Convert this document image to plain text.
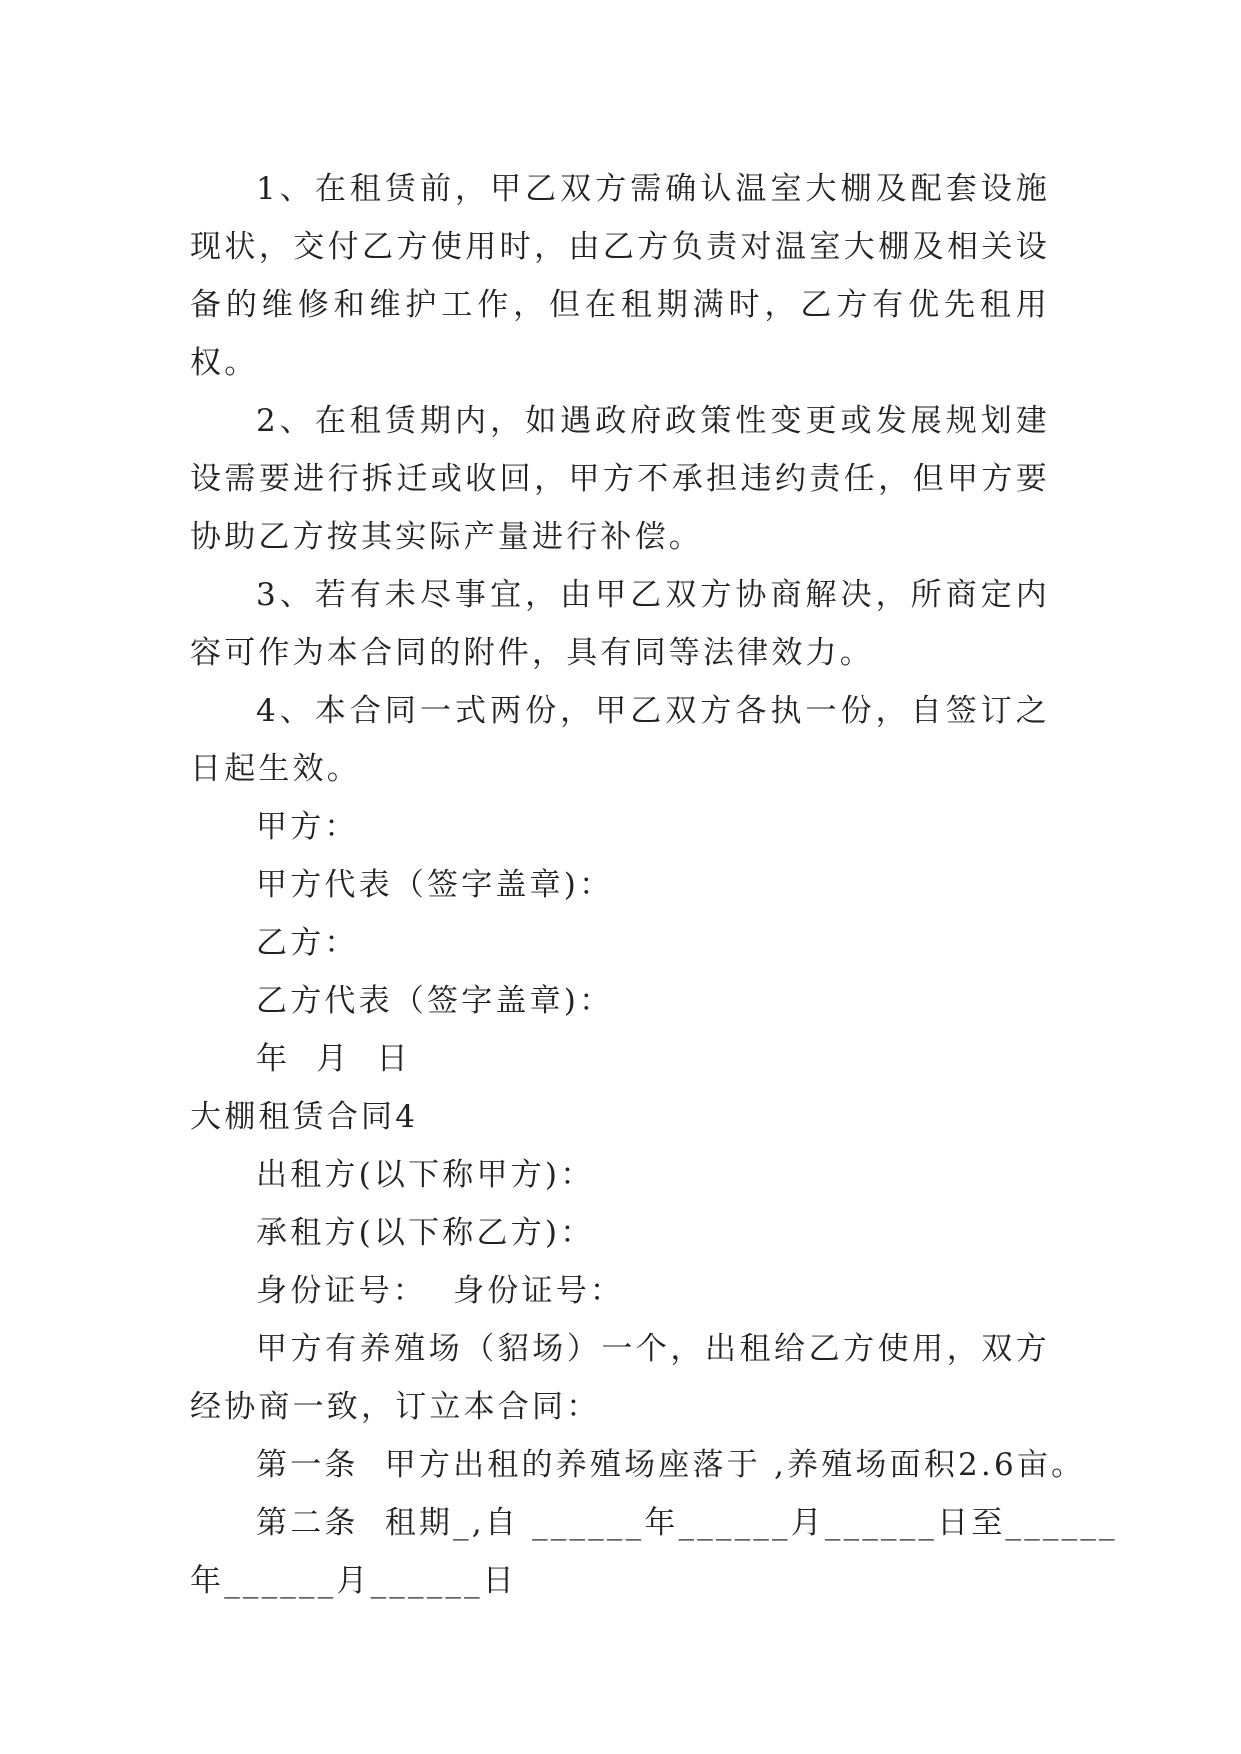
1、在租赁前，甲乙双方需确认温室大棚及配套设施现状，交付乙方使用时，由乙方负责对温室大棚及相关设备的维修和维护工作，但在租期满时，乙方有优先租用权。

2、在租赁期内，如遇政府政策性变更或发展规划建设需要进行拆迁或收回，甲方不承担违约责任，但甲方要协助乙方按其实际产量进行补偿。

3、若有未尽事宜，由甲乙双方协商解决，所商定内容可作为本合同的附件，具有同等法律效力。

4、本合同一式两份，甲乙双方各执一份，自签订之日起生效。

甲方：

甲方代表（签字盖章)：

乙方：

乙方代表（签字盖章)：

年  月  日

大棚租赁合同4

出租方(以下称甲方)：

承租方(以下称乙方)：

身份证号：  身份证号：

甲方有养殖场（貂场）一个，出租给乙方使用，双方经协商一致，订立本合同：

第一条  甲方出租的养殖场座落于 ,养殖场面积2.6亩。

第二条  租期_,自 ______年______月______日至______

年______月______日
